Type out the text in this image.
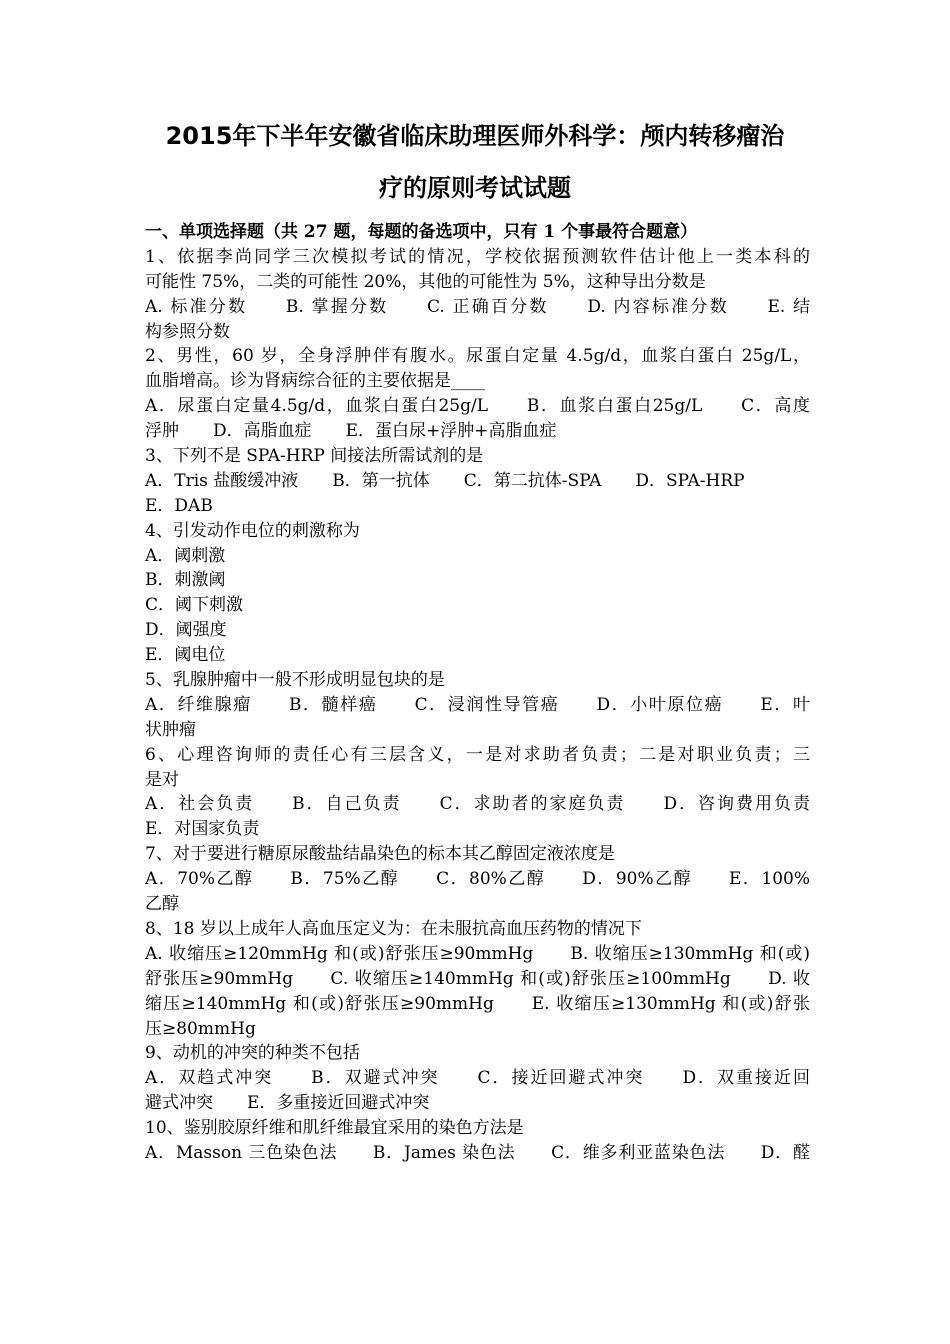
2015年下半年安徽省临床助理医师外科学：颅内转移瘤治
疗的原则考试试题
一、单项选择题（共 27 题，每题的备选项中，只有 1 个事最符合题意）
1、依据李尚同学三次模拟考试的情况，学校依据预测软件估计他上一类本科的
可能性 75%，二类的可能性 20%，其他的可能性为 5%，这种导出分数是
A. 标准分数　　B. 掌握分数　　C. 正确百分数　　D. 内容标准分数　　E. 结
构参照分数
2、男性，60 岁，全身浮肿伴有腹水。尿蛋白定量 4.5g/d，血浆白蛋白 25g/L，
血脂增高。诊为肾病综合征的主要依据是____
A．尿蛋白定量4.5g/d，血浆白蛋白25g/L　　B．血浆白蛋白25g/L　　C．高度
浮肿　　D．高脂血症　　E．蛋白尿+浮肿+高脂血症
3、下列不是 SPA-HRP 间接法所需试剂的是
A．Tris 盐酸缓冲液　　B．第一抗体　　C．第二抗体-SPA　　D．SPA-HRP
E．DAB
4、引发动作电位的刺激称为
A．阈刺激
B．刺激阈
C．阈下刺激
D．阈强度
E．阈电位
5、乳腺肿瘤中一般不形成明显包块的是
A．纤维腺瘤　　B．髓样癌　　C．浸润性导管癌　　D．小叶原位癌　　E．叶
状肿瘤
6、心理咨询师的责任心有三层含义，一是对求助者负责；二是对职业负责；三
是对
A．社会负责　　B．自己负责　　C．求助者的家庭负责　　D．咨询费用负责
E．对国家负责
7、对于要进行糖原尿酸盐结晶染色的标本其乙醇固定液浓度是
A．70%乙醇　　B．75%乙醇　　C．80%乙醇　　D．90%乙醇　　E．100%
乙醇
8、18 岁以上成年人高血压定义为：在未服抗高血压药物的情况下
A. 收缩压≥120mmHg 和(或)舒张压≥90mmHg　　B. 收缩压≥130mmHg 和(或)
舒张压≥90mmHg　　C. 收缩压≥140mmHg 和(或)舒张压≥100mmHg　　D. 收
缩压≥140mmHg 和(或)舒张压≥90mmHg　　E. 收缩压≥130mmHg 和(或)舒张
压≥80mmHg
9、动机的冲突的种类不包括
A．双趋式冲突　　B．双避式冲突　　C．接近回避式冲突　　D．双重接近回
避式冲突　　E．多重接近回避式冲突
10、鉴别胶原纤维和肌纤维最宜采用的染色方法是
A．Masson 三色染色法　　B．James 染色法　　C．维多利亚蓝染色法　　D．醛
